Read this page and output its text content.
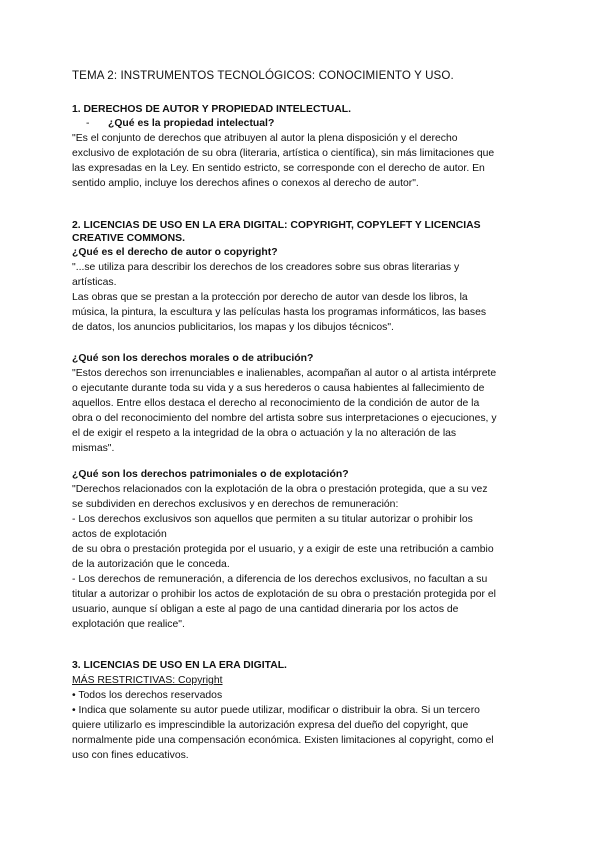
TEMA 2: INSTRUMENTOS TECNOLÓGICOS: CONOCIMIENTO Y USO.
1. DERECHOS DE AUTOR Y PROPIEDAD INTELECTUAL.
- ¿Qué es la propiedad intelectual?

"Es el conjunto de derechos que atribuyen al autor la plena disposición y el derecho

exclusivo de explotación de su obra (literaria, artística o científica), sin más limitaciones que

las expresadas en la Ley. En sentido estricto, se corresponde con el derecho de autor. En

sentido amplio, incluye los derechos afines o conexos al derecho de autor".

2. LICENCIAS DE USO EN LA ERA DIGITAL: COPYRIGHT, COPYLEFT Y LICENCIAS
CREATIVE COMMONS.
¿Qué es el derecho de autor o copyright?

"...se utiliza para describir los derechos de los creadores sobre sus obras literarias y

artísticas.

Las obras que se prestan a la protección por derecho de autor van desde los libros, la

música, la pintura, la escultura y las películas hasta los programas informáticos, las bases

de datos, los anuncios publicitarios, los mapas y los dibujos técnicos".

¿Qué son los derechos morales o de atribución?

"Estos derechos son irrenunciables e inalienables, acompañan al autor o al artista intérprete

o ejecutante durante toda su vida y a sus herederos o causa habientes al fallecimiento de

aquellos. Entre ellos destaca el derecho al reconocimiento de la condición de autor de la

obra o del reconocimiento del nombre del artista sobre sus interpretaciones o ejecuciones, y

el de exigir el respeto a la integridad de la obra o actuación y la no alteración de las

mismas".

¿Qué son los derechos patrimoniales o de explotación?

"Derechos relacionados con la explotación de la obra o prestación protegida, que a su vez

se subdividen en derechos exclusivos y en derechos de remuneración:

- Los derechos exclusivos son aquellos que permiten a su titular autorizar o prohibir los

actos de explotación

de su obra o prestación protegida por el usuario, y a exigir de este una retribución a cambio

de la autorización que le conceda.

- Los derechos de remuneración, a diferencia de los derechos exclusivos, no facultan a su

titular a autorizar o prohibir los actos de explotación de su obra o prestación protegida por el

usuario, aunque sí obligan a este al pago de una cantidad dineraria por los actos de

explotación que realice".

3. LICENCIAS DE USO EN LA ERA DIGITAL.

MÁS RESTRICTIVAS: Copyright

• Todos los derechos reservados

• Indica que solamente su autor puede utilizar, modificar o distribuir la obra. Si un tercero

quiere utilizarlo es imprescindible la autorización expresa del dueño del copyright, que

normalmente pide una compensación económica. Existen limitaciones al copyright, como el

uso con fines educativos.
